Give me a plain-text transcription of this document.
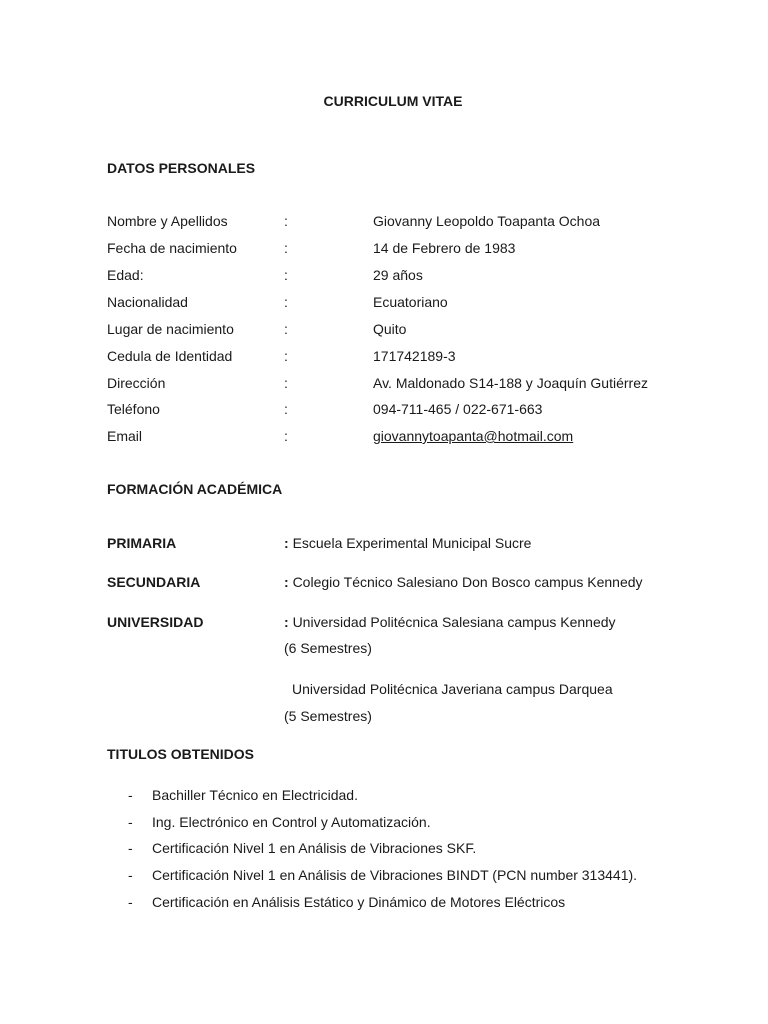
CURRICULUM VITAE
DATOS PERSONALES
Nombre y Apellidos	:	Giovanny Leopoldo Toapanta Ochoa
Fecha de nacimiento	:	14 de Febrero de 1983
Edad:	:	29 años
Nacionalidad	:	Ecuatoriano
Lugar de nacimiento	:	Quito
Cedula de Identidad	:	171742189-3
Dirección	:	Av. Maldonado S14-188 y Joaquín Gutiérrez
Teléfono	:	094-711-465 / 022-671-663
Email	:	giovannytoapanta@hotmail.com
FORMACIÓN ACADÉMICA
PRIMARIA	: Escuela Experimental Municipal Sucre
SECUNDARIA	: Colegio Técnico Salesiano Don Bosco campus Kennedy
UNIVERSIDAD	: Universidad Politécnica Salesiana campus Kennedy
(6 Semestres)
Universidad Politécnica Javeriana campus Darquea
(5 Semestres)
TITULOS OBTENIDOS
- Bachiller Técnico en Electricidad.
- Ing. Electrónico en Control y Automatización.
- Certificación Nivel 1 en Análisis de Vibraciones SKF.
- Certificación Nivel 1 en Análisis de Vibraciones BINDT (PCN number 313441).
- Certificación en Análisis Estático y Dinámico de Motores Eléctricos
